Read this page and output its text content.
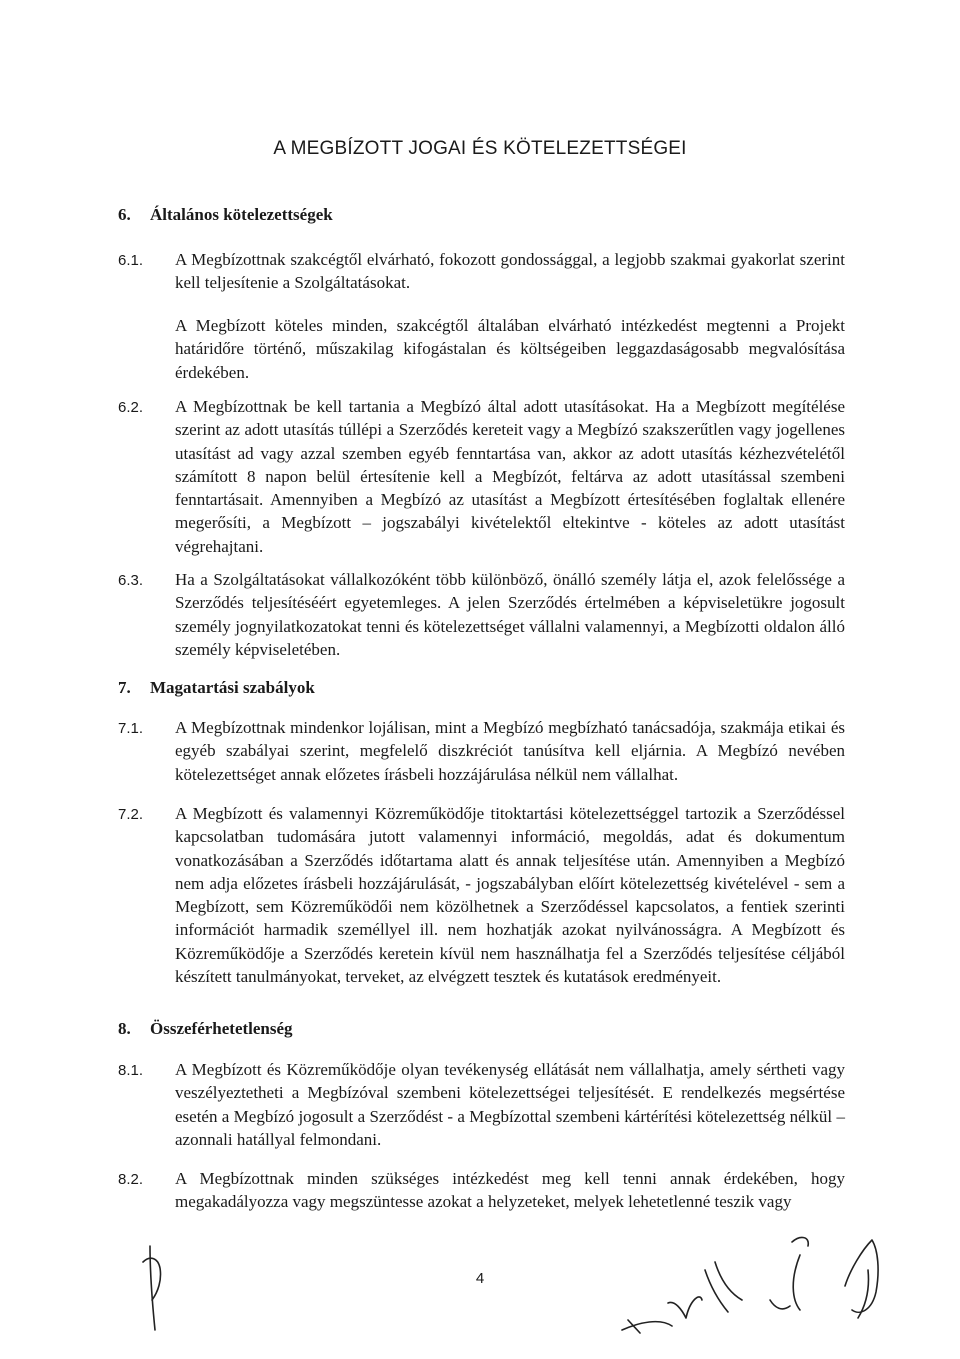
A MEGBÍZOTT JOGAI ÉS KÖTELEZETTSÉGEI
6. Általános kötelezettségek
6.1. A Megbízottnak szakcégtől elvárható, fokozott gondossággal, a legjobb szakmai gyakorlat szerint kell teljesítenie a Szolgáltatásokat.
A Megbízott köteles minden, szakcégtől általában elvárható intézkedést megtenni a Projekt határidőre történő, műszakilag kifogástalan és költségeiben leggazdaságosabb megvalósítása érdekében.
6.2. A Megbízottnak be kell tartania a Megbízó által adott utasításokat. Ha a Megbízott megítélése szerint az adott utasítás túllépi a Szerződés kereteit vagy a Megbízó szakszerűtlen vagy jogellenes utasítást ad vagy azzal szemben egyéb fenntartása van, akkor az adott utasítás kézhezvételétől számított 8 napon belül értesítenie kell a Megbízót, feltárva az adott utasítással szembeni fenntartásait. Amennyiben a Megbízó az utasítást a Megbízott értesítésében foglaltak ellenére megerősíti, a Megbízott – jogszabályi kivételektől eltekintve - köteles az adott utasítást végrehajtani.
6.3. Ha a Szolgáltatásokat vállalkozóként több különböző, önálló személy látja el, azok felelőssége a Szerződés teljesítéséért egyetemleges. A jelen Szerződés értelmében a képviseletükre jogosult személy jognyilatkozatokat tenni és kötelezettséget vállalni valamennyi, a Megbízotti oldalon álló személy képviseletében.
7. Magatartási szabályok
7.1. A Megbízottnak mindenkor lojálisan, mint a Megbízó megbízható tanácsadója, szakmája etikai és egyéb szabályai szerint, megfelelő diszkréciót tanúsítva kell eljárnia. A Megbízó nevében kötelezettséget annak előzetes írásbeli hozzájárulása nélkül nem vállalhat.
7.2. A Megbízott és valamennyi Közreműködője titoktartási kötelezettséggel tartozik a Szerződéssel kapcsolatban tudomására jutott valamennyi információ, megoldás, adat és dokumentum vonatkozásában a Szerződés időtartama alatt és annak teljesítése után. Amennyiben a Megbízó nem adja előzetes írásbeli hozzájárulását, - jogszabályban előírt kötelezettség kivételével - sem a Megbízott, sem Közreműködői nem közölhetnek a Szerződéssel kapcsolatos, a fentiek szerinti információt harmadik személlyel ill. nem hozhatják azokat nyilvánosságra. A Megbízott és Közreműködője a Szerződés keretein kívül nem használhatja fel a Szerződés teljesítése céljából készített tanulmányokat, terveket, az elvégzett tesztek és kutatások eredményeit.
8. Összeférhetetlenség
8.1. A Megbízott és Közreműködője olyan tevékenység ellátását nem vállalhatja, amely sértheti vagy veszélyeztetheti a Megbízóval szembeni kötelezettségei teljesítését. E rendelkezés megsértése esetén a Megbízó jogosult a Szerződést - a Megbízottal szembeni kártérítési kötelezettség nélkül – azonnali hatállyal felmondani.
8.2. A Megbízottnak minden szükséges intézkedést meg kell tenni annak érdekében, hogy megakadályozza vagy megszüntesse azokat a helyzeteket, melyek lehetetlenné teszik vagy
4
